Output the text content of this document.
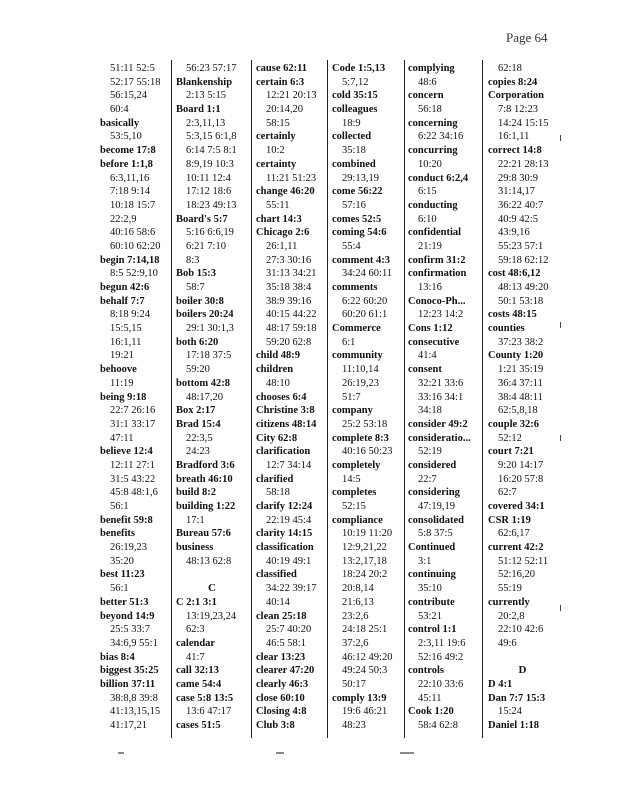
Page 64
51:11 52:5
52:17 55:18
56:15,24
60:4
basically
53:5,10
become 17:8
before 1:1,8
6:3,11,16
7:18 9:14
10:18 15:7
22:2,9
40:16 58:6
60:10 62:20
begin 7:14,18
8:5 52:9,10
begun 42:6
behalf 7:7
8:18 9:24
15:5,15
16:1,11
19:21
behoove
11:19
being 9:18
22:7 26:16
31:1 33:17
47:11
believe 12:4
12:11 27:1
31:5 43:22
45:8 48:1,6
56:1
benefit 59:8
benefits
26:19,23
35:20
best 11:23
56:1
better 51:3
beyond 14:9
25:5 33:7
34:6,9 55:1
bias 8:4
biggest 35:25
billion 37:11
38:8,8 39:8
41:13,15,15
41:17,21
56:23 57:17
Blankenship
2:13 5:15
Board 1:1
2:3,11,13
5:3,15 6:1,8
6:14 7:5 8:1
8:9,19 10:3
10:11 12:4
17:12 18:6
18:23 49:13
Board's 5:7
5:16 6:6,19
6:21 7:10
8:3
Bob 15:3
58:7
boiler 30:8
boilers 20:24
29:1 30:1,3
both 6:20
17:18 37:5
59:20
bottom 42:8
48:17,20
Box 2:17
Brad 15:4
22:3,5
24:23
Bradford 3:6
breath 46:10
build 8:2
building 1:22
17:1
Bureau 57:6
business
48:13 62:8
C
C 2:1 3:1
13:19,23,24
62:3
calendar
41:7
call 32:13
came 54:4
case 5:8 13:5
13:6 47:17
cases 51:5
cause 62:11
certain 6:3
12:21 20:13
20:14,20
58:15
certainly
10:2
certainty
11:21 51:23
change 46:20
55:11
chart 14:3
Chicago 2:6
26:1,11
27:3 30:16
31:13 34:21
35:18 38:4
38:9 39:16
40:15 44:22
48:17 59:18
59:20 62:8
child 48:9
children
48:10
chooses 6:4
Christine 3:8
citizens 48:14
City 62:8
clarification
12:7 34:14
clarified
58:18
clarify 12:24
22:19 45:4
clarity 14:15
classification
40:19 49:1
classified
34:22 39:17
40:14
clean 25:18
25:7 40:20
46:5 58:1
clear 13:23
clearer 47:20
clearly 46:3
close 60:10
Closing 4:8
Club 3:8
Code 1:5,13
5:7,12
cold 35:15
colleagues
18:9
collected
35:18
combined
29:13,19
come 56:22
57:16
comes 52:5
coming 54:6
55:4
comment 4:3
34:24 60:11
comments
6:22 60:20
60:20 61:1
Commerce
6:1
community
11:10,14
26:19,23
51:7
company
25:2 53:18
complete 8:3
40:16 50:23
completely
14:5
completes
52:15
compliance
10:19 11:20
12:9,21,22
13:2,17,18
18:24 20:2
20:8,14
21:6,13
23:2,6
24:18 25:1
37:2,6
46:12 49:20
49:24 50:3
50:17
comply 13:9
19:6 46:21
48:23
complying
48:6
concern
56:18
concerning
6:22 34:16
concurring
10:20
conduct 6:2,4
6:15
conducting
6:10
confidential
21:19
confirm 31:2
confirmation
13:16
Conoco-Ph...
12:23 14:2
Cons 1:12
consecutive
41:4
consent
32:21 33:6
33:16 34:1
34:18
consider 49:2
consideratio...
52:19
considered
22:7
considering
47:19,19
consolidated
5:8 37:5
Continued
3:1
continuing
35:10
contribute
53:21
control 1:1
2:3,11 19:6
52:16 49:2
controls
22:10 33:6
45:11
Cook 1:20
58:4 62:8
62:18
copies 8:24
Corporation
7:8 12:23
14:24 15:15
16:1,11
correct 14:8
22:21 28:13
29:8 30:9
31:14,17
36:22 40:7
40:9 42:5
43:9,16
55:23 57:1
59:18 62:12
cost 48:6,12
48:13 49:20
50:1 53:18
costs 48:15
counties
37:23 38:2
County 1:20
1:21 35:19
36:4 37:11
38:4 48:11
62:5,8,18
couple 32:6
52:12
court 7:21
9:20 14:17
16:20 57:8
62:7
covered 34:1
CSR 1:19
62:6,17
current 42:2
51:12 52:11
52:16,20
55:19
currently
20:2,8
22:10 42:6
49:6
D
D 4:1
Dan 7:7 15:3
15:24
Daniel 1:18
